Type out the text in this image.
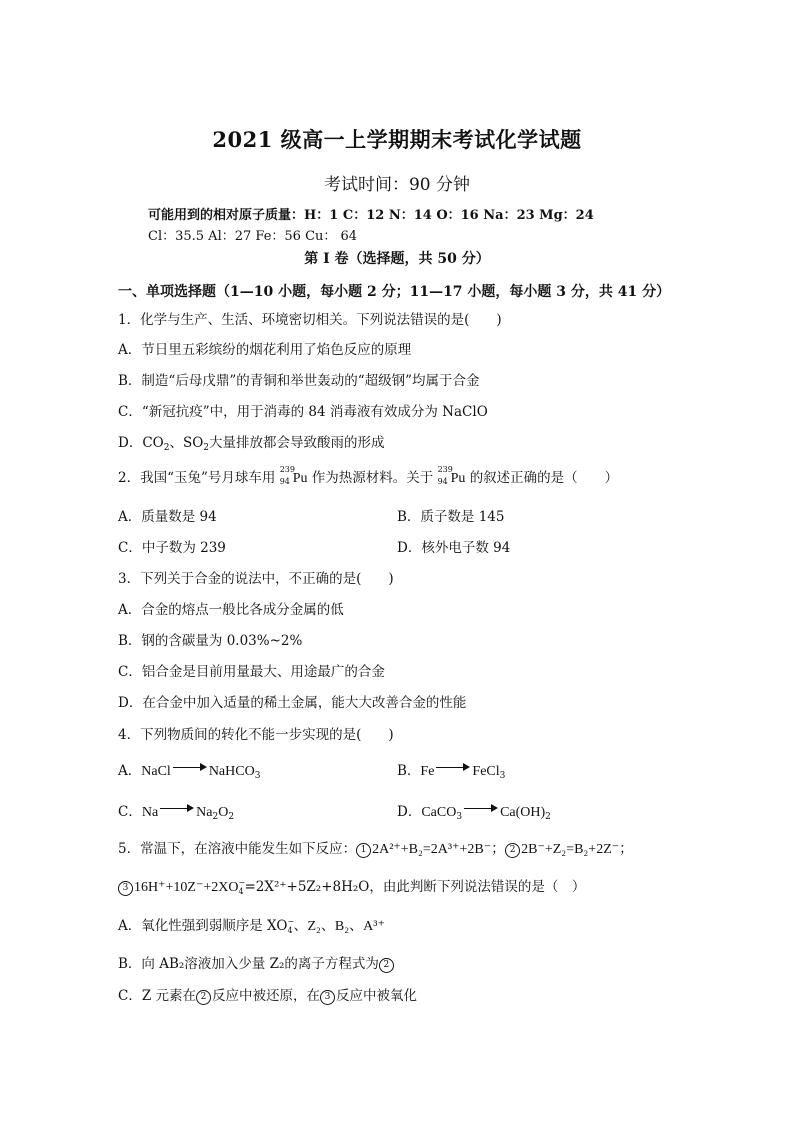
2021 级高一上学期期末考试化学试题
考试时间：90 分钟
可能用到的相对原子质量：H：1 C：12 N：14 O：16 Na：23 Mg：24
Cl：35.5 Al：27 Fe：56 Cu： 64
第 I 卷（选择题，共 50 分）
一、单项选择题（1—10 小题，每小题 2 分；11—17 小题，每小题 3 分，共 41 分）
1．化学与生产、生活、环境密切相关。下列说法错误的是(　　)
A．节日里五彩缤纷的烟花利用了焰色反应的原理
B．制造“后母戊鼎”的青铜和举世轰动的“超级钢”均属于合金
C．“新冠抗疫”中，用于消毒的 84 消毒液有效成分为 NaClO
D．$CO_2$、$SO_2$大量排放都会导致酸雨的形成
2．我国“玉兔”号月球车用
239
94 Pu 作为热源材料。关于
239
94 Pu 的叙述正确的是（　　）
A．质量数是 94	B．质子数是 145
C．中子数为 239	D．核外电子数 94
3．下列关于合金的说法中，不正确的是(　　)
A．合金的熔点一般比各成分金属的低
B．钢的含碳量为 0.03%~2%
C．铝合金是目前用量最大、用途最广的合金
D．在合金中加入适量的稀土金属，能大大改善合金的性能
4．下列物质间的转化不能一步实现的是(　　)
A．NaCl	NaHCO$_3$	B．Fe	FeCl$_3$
C．Na	$Na_2O_2$	D．CaCO$_3$	$Ca(OH)_2$
5．常温下，在溶液中能发生如下反应： 1 2A²⁺+B₂=2A³⁺+2B⁻； 2 2B⁻+Z₂=B₂+2Z⁻；
3 16H⁺+10Z⁻+2XO −
4 =2X²⁺+5Z₂+8H₂O，由此判断下列说法错误的是（　）
A．氧化性强到弱顺序是 XO −
4 、Z₂、B₂、A³⁺
B．向 AB₂溶液加入少量 Z₂的离子方程式为 2
C．Z 元素在 2 反应中被还原，在 3 反应中被氧化
